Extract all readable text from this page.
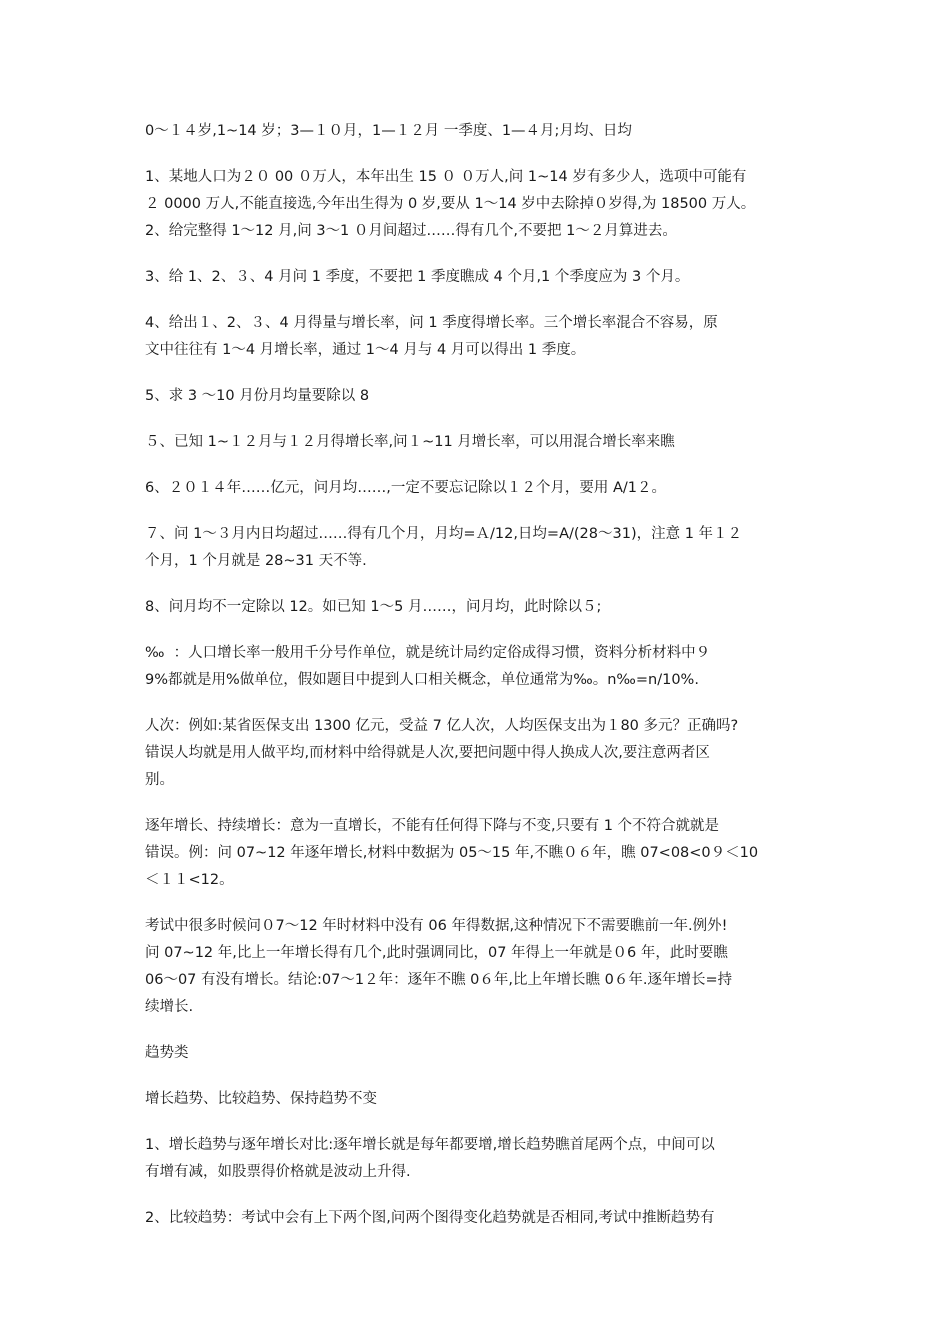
0～１４岁,1~14 岁；3—１０月，1—１２月 一季度、1—４月;月均、日均

1、某地人口为２０ 00 ０万人，本年出生 15 ０ ０万人,问 1~14 岁有多少人，选项中可能有
２ 0000 万人,不能直接选,今年出生得为 0 岁,要从 1～14 岁中去除掉０岁得,为 18500 万人。

2、给完整得 1～12 月,问 3～1 ０月间超过……得有几个,不要把 1～２月算进去。

3、给 1、2、３、4 月问 1 季度，不要把 1 季度瞧成 4 个月,1 个季度应为 3 个月。

4、给出１、2、３、4 月得量与增长率，问 1 季度得增长率。三个增长率混合不容易，原
文中往往有 1～4 月增长率，通过 1～4 月与 4 月可以得出 1 季度。

5、求 3 ～10 月份月均量要除以 8

５、已知 1~１２月与１２月得增长率,问１~11 月增长率，可以用混合增长率来瞧

6、２０１４年……亿元，问月均……,一定不要忘记除以１２个月，要用 A/1２。

７、问 1～３月内日均超过……得有几个月，月均=Ａ/12,日均=A/(28～31)，注意 1 年１２
个月，1 个月就是 28~31 天不等.

8、问月均不一定除以 12。如已知 1～5 月……，问月均，此时除以５;

‰  ：人口增长率一般用千分号作单位，就是统计局约定俗成得习惯，资料分析材料中９
9%都就是用%做单位，假如题目中提到人口相关概念，单位通常为‰。n‰=n/10%.

人次：例如:某省医保支出 1300 亿元，受益 7 亿人次，人均医保支出为１80 多元？正确吗?
错误人均就是用人做平均,而材料中给得就是人次,要把问题中得人换成人次,要注意两者区
别。

逐年增长、持续增长：意为一直增长，不能有任何得下降与不变,只要有 1 个不符合就就是
错误。例：问 07~12 年逐年增长,材料中数据为 05～15 年,不瞧０６年，瞧 07<08<0９＜10
＜１１<12。

考试中很多时候问０7～12 年时材料中没有 06 年得数据,这种情况下不需要瞧前一年.例外!
问 07~12 年,比上一年增长得有几个,此时强调同比，07 年得上一年就是０6 年，此时要瞧
06～07 有没有增长。结论:07～1２年：逐年不瞧 0６年,比上年增长瞧 0６年.逐年增长=持
续增长.

趋势类

增长趋势、比较趋势、保持趋势不变

1、增长趋势与逐年增长对比:逐年增长就是每年都要增,增长趋势瞧首尾两个点，中间可以
有增有减，如股票得价格就是波动上升得.

2、比较趋势：考试中会有上下两个图,问两个图得变化趋势就是否相同,考试中推断趋势有
